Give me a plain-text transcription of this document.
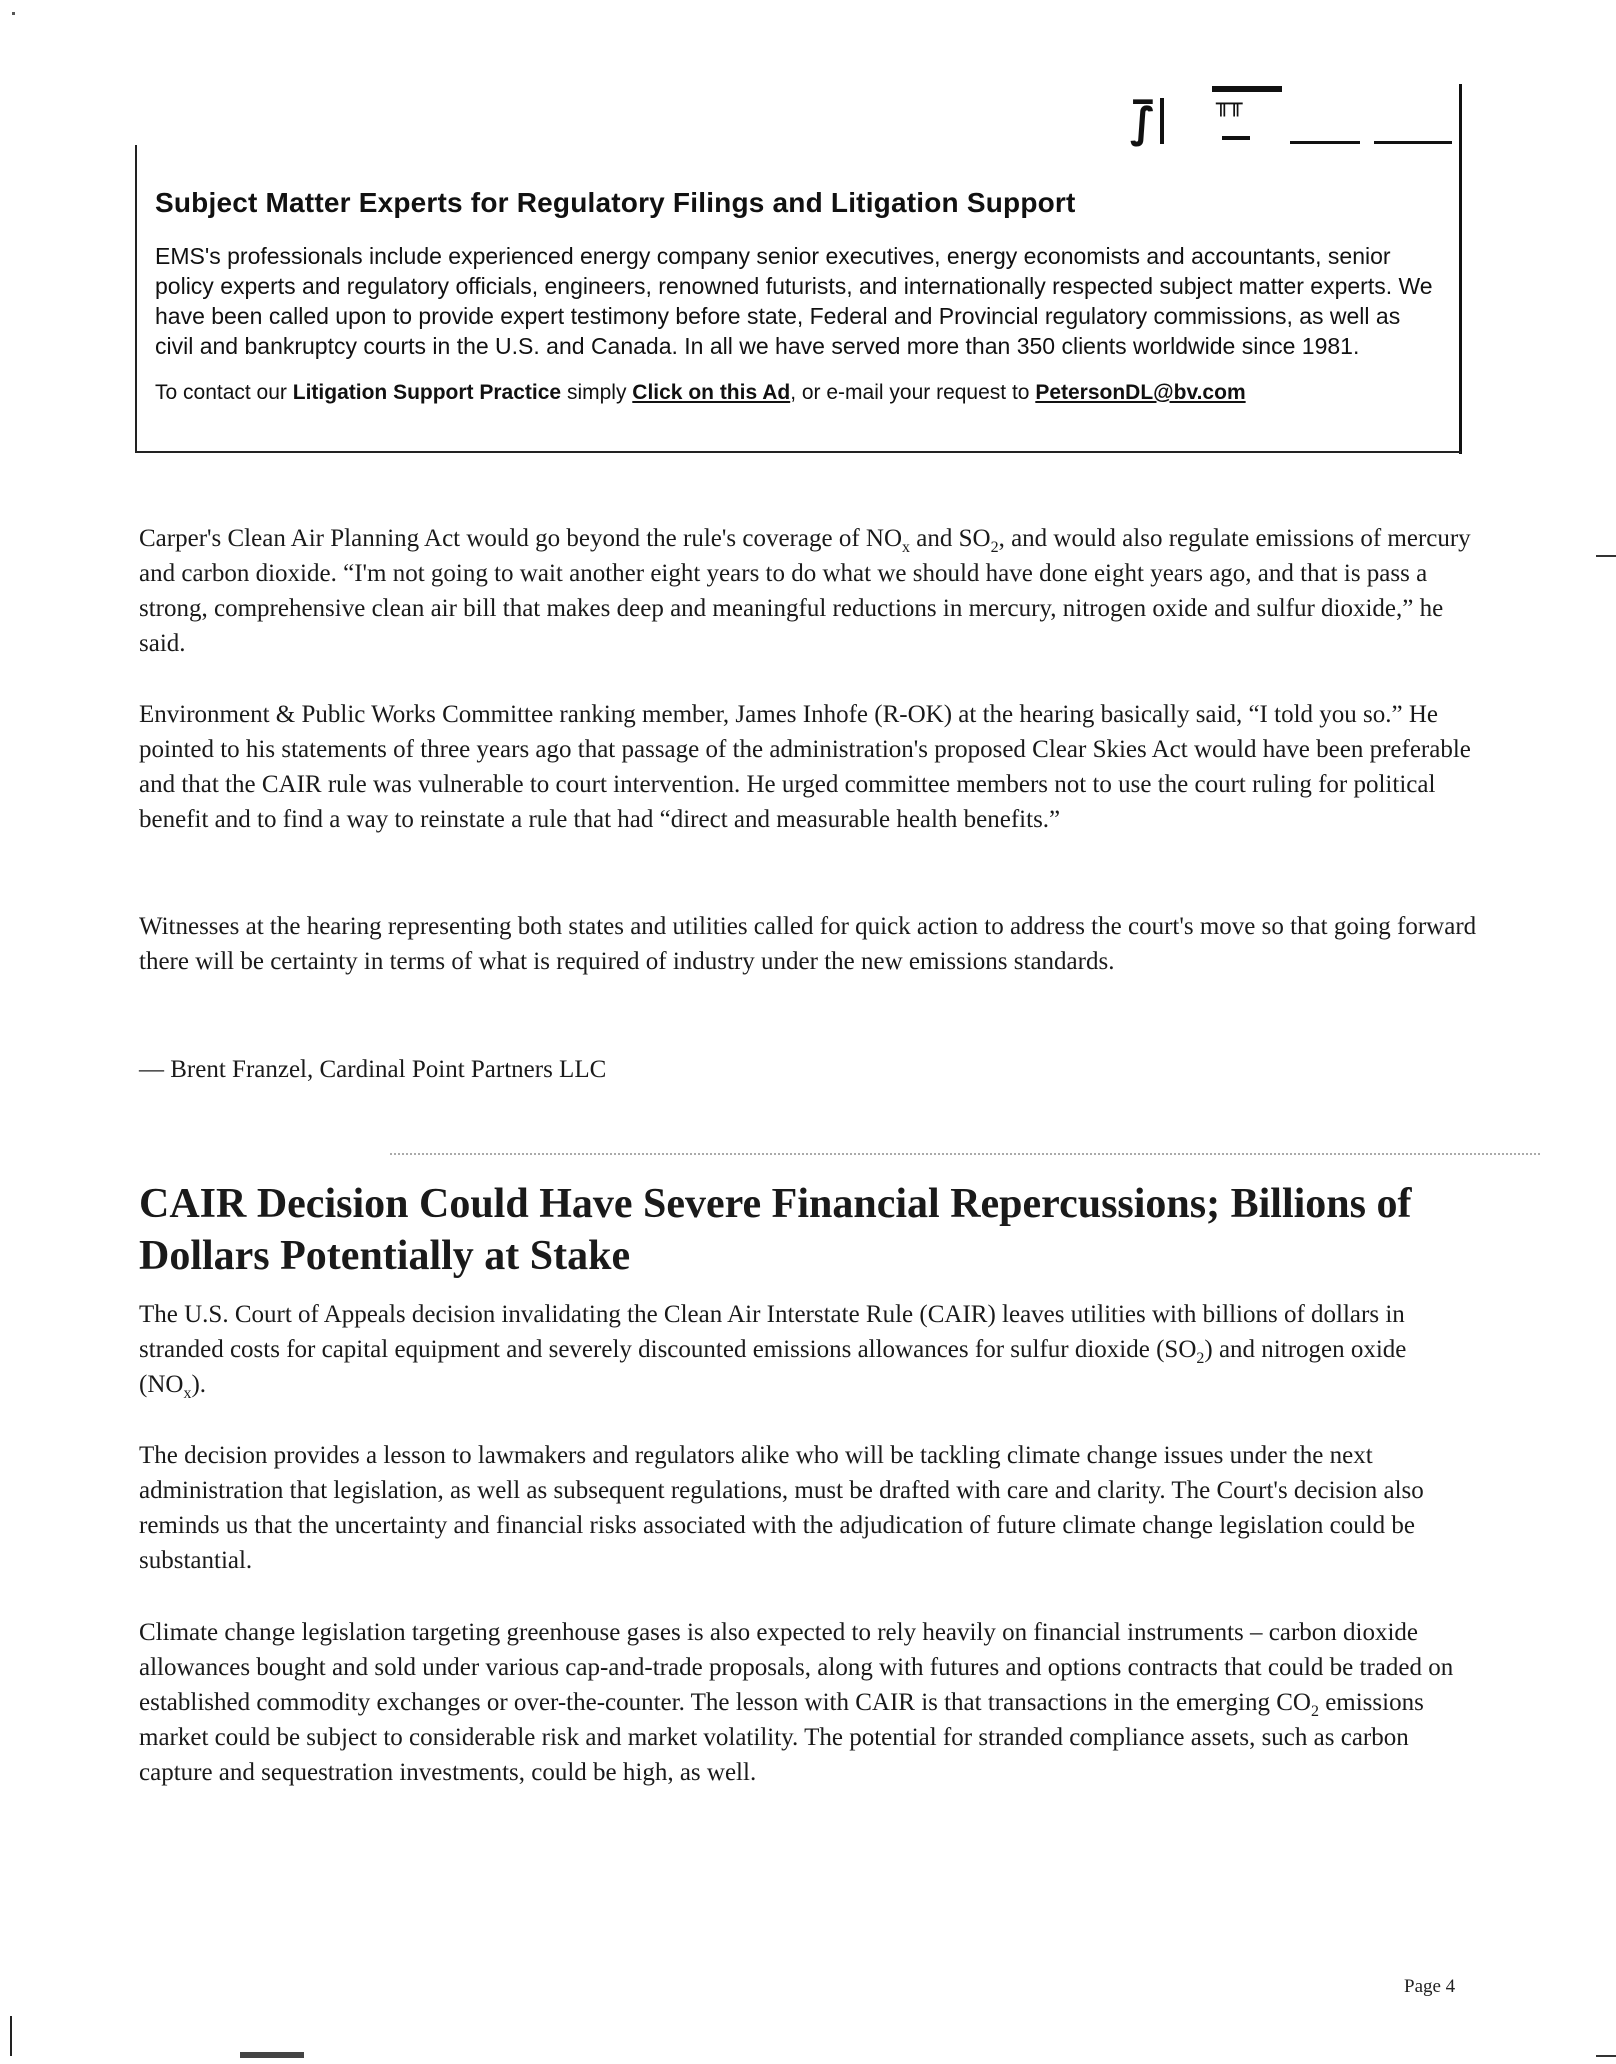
⨛	╥╥
Subject Matter Experts for Regulatory Filings and Litigation Support

EMS's professionals include experienced energy company senior executives, energy economists and accountants, senior policy experts and regulatory officials, engineers, renowned futurists, and internationally respected subject matter experts. We have been called upon to provide expert testimony before state, Federal and Provincial regulatory commissions, as well as civil and bankruptcy courts in the U.S. and Canada. In all we have served more than 350 clients worldwide since 1981.

To contact our Litigation Support Practice simply Click on this Ad, or e-mail your request to PetersonDL@bv.com

Carper's Clean Air Planning Act would go beyond the rule's coverage of $NO_x$ and $SO_2$, and would also regulate emissions of mercury and carbon dioxide. “I'm not going to wait another eight years to do what we should have done eight years ago, and that is pass a strong, comprehensive clean air bill that makes deep and meaningful reductions in mercury, nitrogen oxide and sulfur dioxide,” he said.

Environment & Public Works Committee ranking member, James Inhofe (R-OK) at the hearing basically said, “I told you so.” He pointed to his statements of three years ago that passage of the administration's proposed Clear Skies Act would have been preferable and that the CAIR rule was vulnerable to court intervention. He urged committee members not to use the court ruling for political benefit and to find a way to reinstate a rule that had “direct and measurable health benefits.”

Witnesses at the hearing representing both states and utilities called for quick action to address the court's move so that going forward there will be certainty in terms of what is required of industry under the new emissions standards.

— Brent Franzel, Cardinal Point Partners LLC

CAIR Decision Could Have Severe Financial Repercussions; Billions of Dollars Potentially at Stake

The U.S. Court of Appeals decision invalidating the Clean Air Interstate Rule (CAIR) leaves utilities with billions of dollars in stranded costs for capital equipment and severely discounted emissions allowances for sulfur dioxide $(SO_2)$ and nitrogen oxide $(NO_x)$.

The decision provides a lesson to lawmakers and regulators alike who will be tackling climate change issues under the next administration that legislation, as well as subsequent regulations, must be drafted with care and clarity. The Court's decision also reminds us that the uncertainty and financial risks associated with the adjudication of future climate change legislation could be substantial.

Climate change legislation targeting greenhouse gases is also expected to rely heavily on financial instruments – carbon dioxide allowances bought and sold under various cap-and-trade proposals, along with futures and options contracts that could be traded on established commodity exchanges or over-the-counter. The lesson with CAIR is that transactions in the emerging $CO_2$ emissions market could be subject to considerable risk and market volatility. The potential for stranded compliance assets, such as carbon capture and sequestration investments, could be high, as well.

Page 4
